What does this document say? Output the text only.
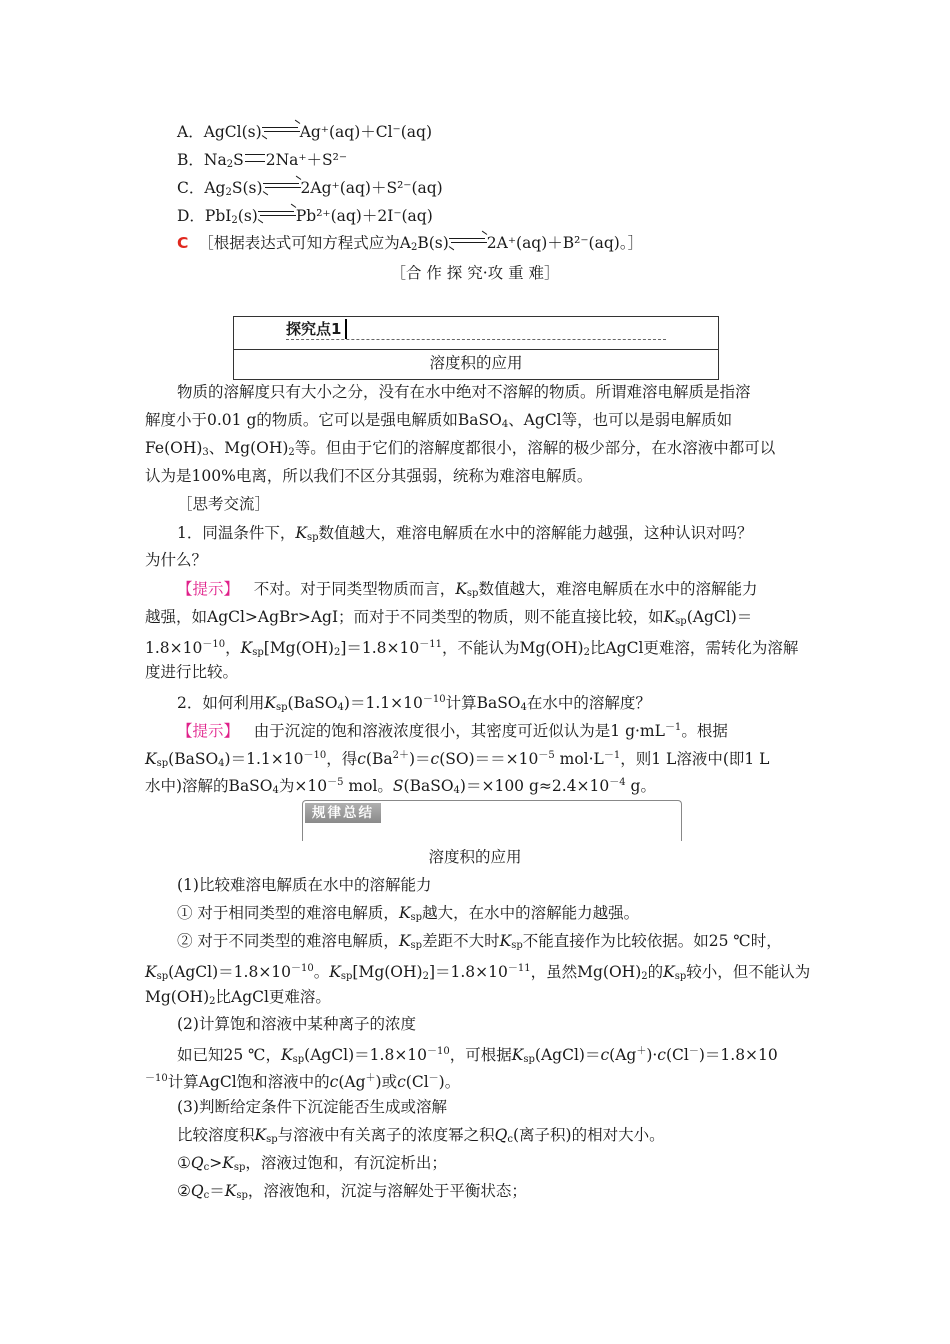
A．AgCl(s) Ag⁺(aq)＋Cl⁻(aq)
B．$Na_2S$ 2Na⁺＋S²⁻
C．$Ag_2S(s)$ 2Ag⁺(aq)＋S²⁻(aq)
D．PbI$_2$(s) Pb²⁺(aq)＋2I⁻(aq)
C ［根据表达式可知方程式应为$A_2B(s)$ 2A⁺(aq)＋B²⁻(aq)。］
［合 作 探 究·攻 重 难］
探究点1
溶度积的应用
物质的溶解度只有大小之分，没有在水中绝对不溶解的物质。所谓难溶电解质是指溶
解度小于0.01 g的物质。它可以是强电解质如BaSO$_4$、AgCl等，也可以是弱电解质如
$Fe(OH)_3$、$Mg(OH)_2$等。但由于它们的溶解度都很小，溶解的极少部分，在水溶液中都可以
认为是100%电离，所以我们不区分其强弱，统称为难溶电解质。
［思考交流］
1．同温条件下，$K_{sp}$数值越大，难溶电解质在水中的溶解能力越强，这种认识对吗？
为什么？
【提示】 不对。对于同类型物质而言，$K_{sp}$数值越大，难溶电解质在水中的溶解能力
越强，如AgCl>AgBr>AgI；而对于不同类型的物质，则不能直接比较，如$K_{sp}(AgCl)=$
$1.8\times 10^{-10}$，$K_{sp}[Mg(OH)_2]=1.8\times 10^{-11}$，不能认为$Mg(OH)_2$比AgCl更难溶，需转化为溶解
度进行比较。
2．如何利用$K_{sp}(BaSO_4)=1.1\times 10^{-10}$计算BaSO$_4$在水中的溶解度？
【提示】 由于沉淀的饱和溶液浓度很小，其密度可近似认为是1 $g\cdot mL^{-1}$。根据
$K_{sp}(BaSO_4)=1.1\times 10^{-10}$，得$c(Ba^{2+})=c(SO)==\times 10^{-5}$ $mol\cdot L^{-1}$，则1 L溶液中(即1 L
水中)溶解的BaSO$_4$为$\times 10^{-5}$ mol。S(BaSO$_4$)＝×100 $g\approx 2.4\times 10^{-4}$ g。
规律总结
溶度积的应用
(1)比较难溶电解质在水中的溶解能力
① 对于相同类型的难溶电解质，$K_{sp}$越大，在水中的溶解能力越强。
② 对于不同类型的难溶电解质，$K_{sp}$差距不大时$K_{sp}$不能直接作为比较依据。如25 ℃时，
$K_{sp}(AgCl)=1.8\times 10^{-10}$。$K_{sp}[Mg(OH)_2]=1.8\times 10^{-11}$，虽然$Mg(OH)_2$的$K_{sp}$较小，但不能认为
$Mg(OH)_2$比AgCl更难溶。
(2)计算饱和溶液中某种离子的浓度
如已知25 ℃，$K_{sp}(AgCl)=1.8\times 10^{-10}$，可根据$K_{sp}(AgCl)=c(Ag^+)\cdot c(Cl^-)=1.8\times 10$
$^{-10}$计算AgCl饱和溶液中的c(Ag＋)或c(Cl－)。
(3)判断给定条件下沉淀能否生成或溶解
比较溶度积$K_{sp}$与溶液中有关离子的浓度幂之积$Q_c$(离子积)的相对大小。
$①Q_c>K_{sp}$，溶液过饱和，有沉淀析出；
$②Q_c=K_{sp}$，溶液饱和，沉淀与溶解处于平衡状态；
